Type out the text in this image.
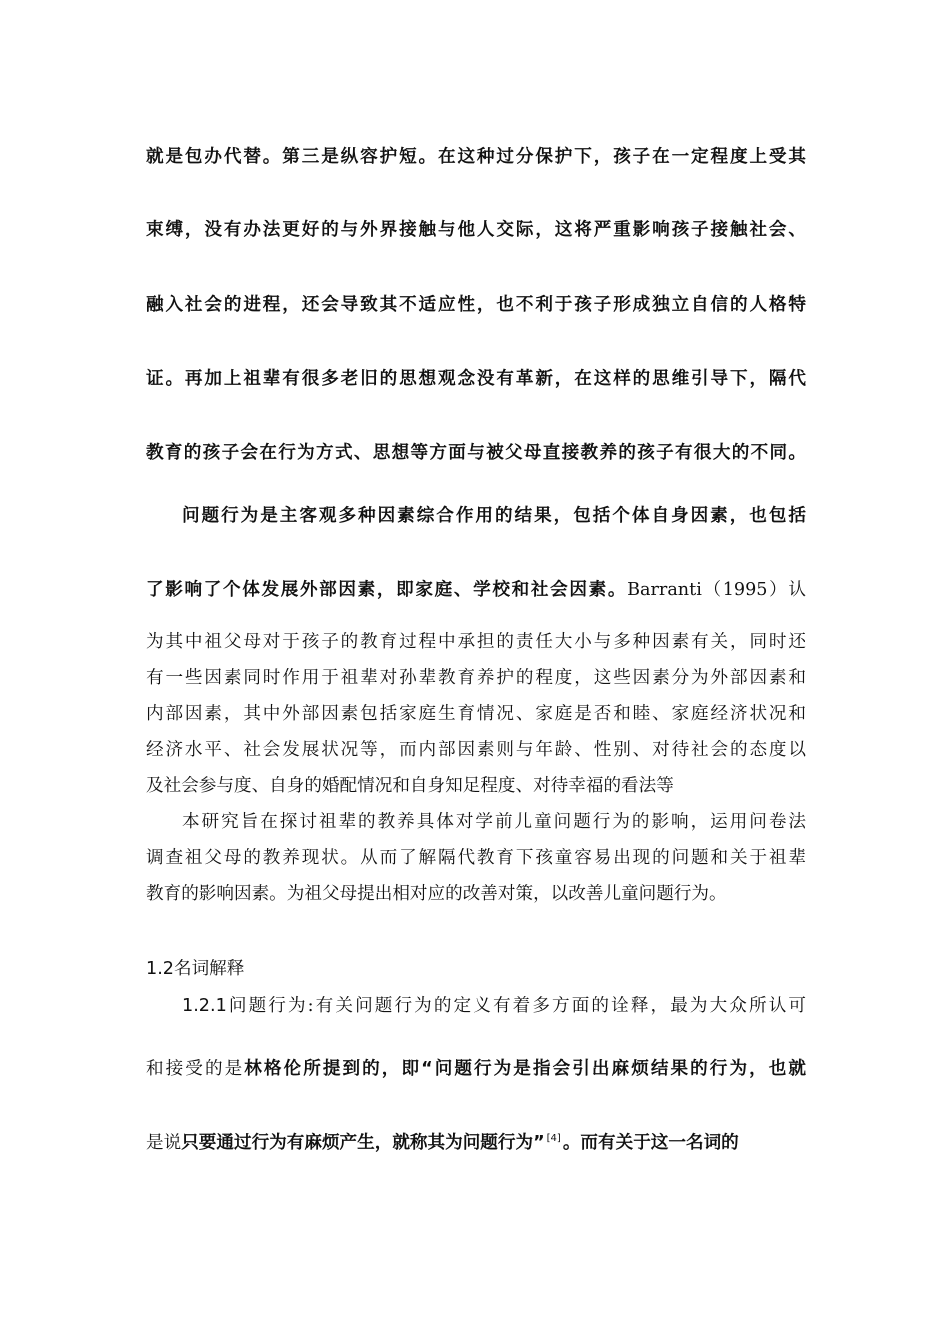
就是包办代替。第三是纵容护短。在这种过分保护下，孩子在一定程度上受其
束缚，没有办法更好的与外界接触与他人交际，这将严重影响孩子接触社会、
融入社会的进程，还会导致其不适应性，也不利于孩子形成独立自信的人格特
证。再加上祖辈有很多老旧的思想观念没有革新，在这样的思维引导下，隔代
教育的孩子会在行为方式、思想等方面与被父母直接教养的孩子有很大的不同。
问题行为是主客观多种因素综合作用的结果，包括个体自身因素，也包括
了影响了个体发展外部因素，即家庭、学校和社会因素。Barranti（1995）认
为其中祖父母对于孩子的教育过程中承担的责任大小与多种因素有关，同时还
有一些因素同时作用于祖辈对孙辈教育养护的程度，这些因素分为外部因素和
内部因素，其中外部因素包括家庭生育情况、家庭是否和睦、家庭经济状况和
经济水平、社会发展状况等，而内部因素则与年龄、性别、对待社会的态度以
及社会参与度、自身的婚配情况和自身知足程度、对待幸福的看法等
本研究旨在探讨祖辈的教养具体对学前儿童问题行为的影响，运用问卷法
调查祖父母的教养现状。从而了解隔代教育下孩童容易出现的问题和关于祖辈
教育的影响因素。为祖父母提出相对应的改善对策，以改善儿童问题行为。
1.2名词解释
1.2.1问题行为:有关问题行为的定义有着多方面的诠释，最为大众所认可
和接受的是林格伦所提到的，即“问题行为是指会引出麻烦结果的行为，也就
是说只要通过行为有麻烦产生，就称其为问题行为” [4] 。而有关于这一名词的
